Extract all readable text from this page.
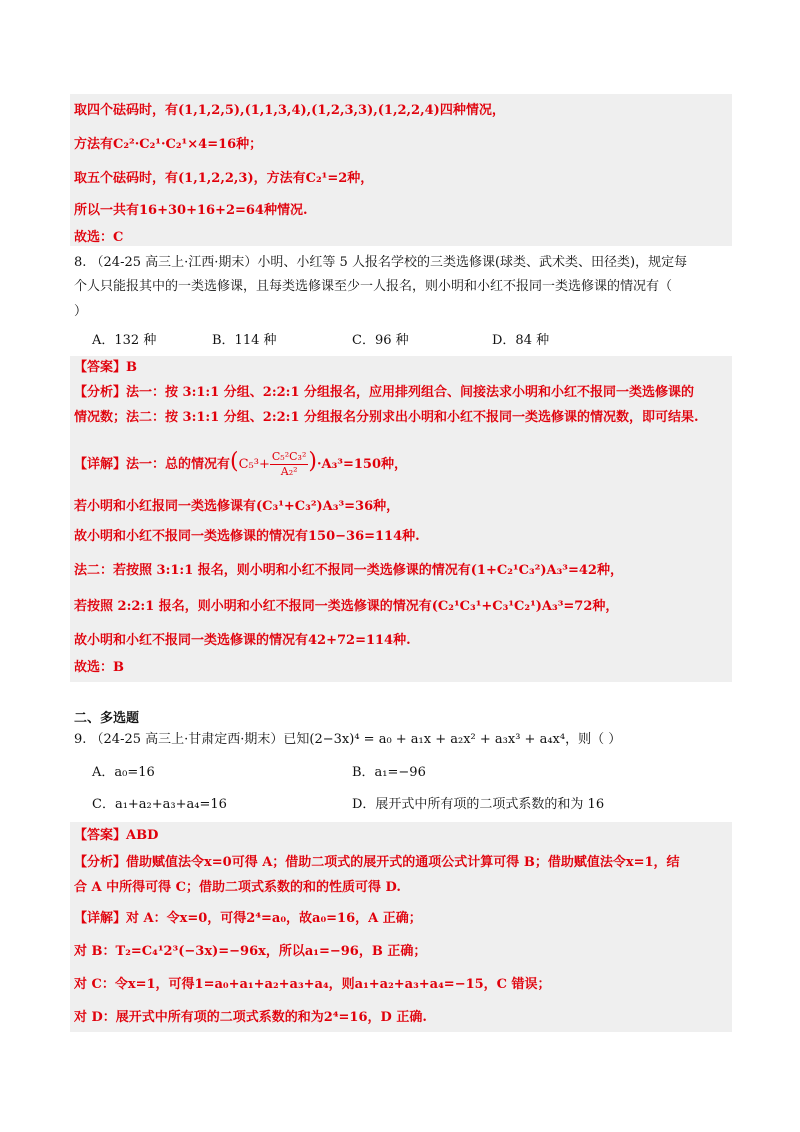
取四个砝码时，有(1,1,2,5),(1,1,3,4),(1,2,3,3),(1,2,2,4)四种情况，
方法有C₂²·C₂¹·C₂¹×4=16种；
取五个砝码时，有(1,1,2,2,3)，方法有C₂¹=2种，
所以一共有16+30+16+2=64种情况.
故选：C
8. （24-25 高三上·江西·期末）小明、小红等 5 人报名学校的三类选修课(球类、武术类、田径类)，规定每
个人只能报其中的一类选修课，且每类选修课至少一人报名，则小明和小红不报同一类选修课的情况有（
）
A．132 种	B．114 种	C．96 种	D．84 种
【答案】B
【分析】法一：按 3:1:1 分组、2:2:1 分组报名，应用排列组合、间接法求小明和小红不报同一类选修课的
情况数；法二：按 3:1:1 分组、2:2:1 分组报名分别求出小明和小红不报同一类选修课的情况数，即可结果.
【详解】法一：总的情况有$(C_5^3+ \frac{\text{C₅²C₃²}}{\text{A₂²}} )\cdot A_3^3=150$种，
若小明和小红报同一类选修课有(C₃¹+C₃²)A₃³=36种，
故小明和小红不报同一类选修课的情况有150−36=114种.
法二：若按照 3:1:1 报名，则小明和小红不报同一类选修课的情况有(1+C₂¹C₃²)A₃³=42种，
若按照 2:2:1 报名，则小明和小红不报同一类选修课的情况有(C₂¹C₃¹+C₃¹C₂¹)A₃³=72种，
故小明和小红不报同一类选修课的情况有42+72=114种.
故选：B
二、多选题
9. （24-25 高三上·甘肃定西·期末）已知(2−3x)⁴ = a₀ + a₁x + a₂x² + a₃x³ + a₄x⁴，则（ ）
A．a₀=16	B．a₁=−96
C．a₁+a₂+a₃+a₄=16	D．展开式中所有项的二项式系数的和为 16
【答案】ABD
【分析】借助赋值法令x=0可得 A；借助二项式的展开式的通项公式计算可得 B；借助赋值法令x=1，结
合 A 中所得可得 C；借助二项式系数的和的性质可得 D.
【详解】对 A：令x=0，可得2⁴=a₀，故a₀=16，A 正确；
对 B：T₂=C₄¹2³(−3x)=−96x，所以a₁=−96，B 正确；
对 C：令x=1，可得1=a₀+a₁+a₂+a₃+a₄，则a₁+a₂+a₃+a₄=−15，C 错误；
对 D：展开式中所有项的二项式系数的和为2⁴=16，D 正确.
